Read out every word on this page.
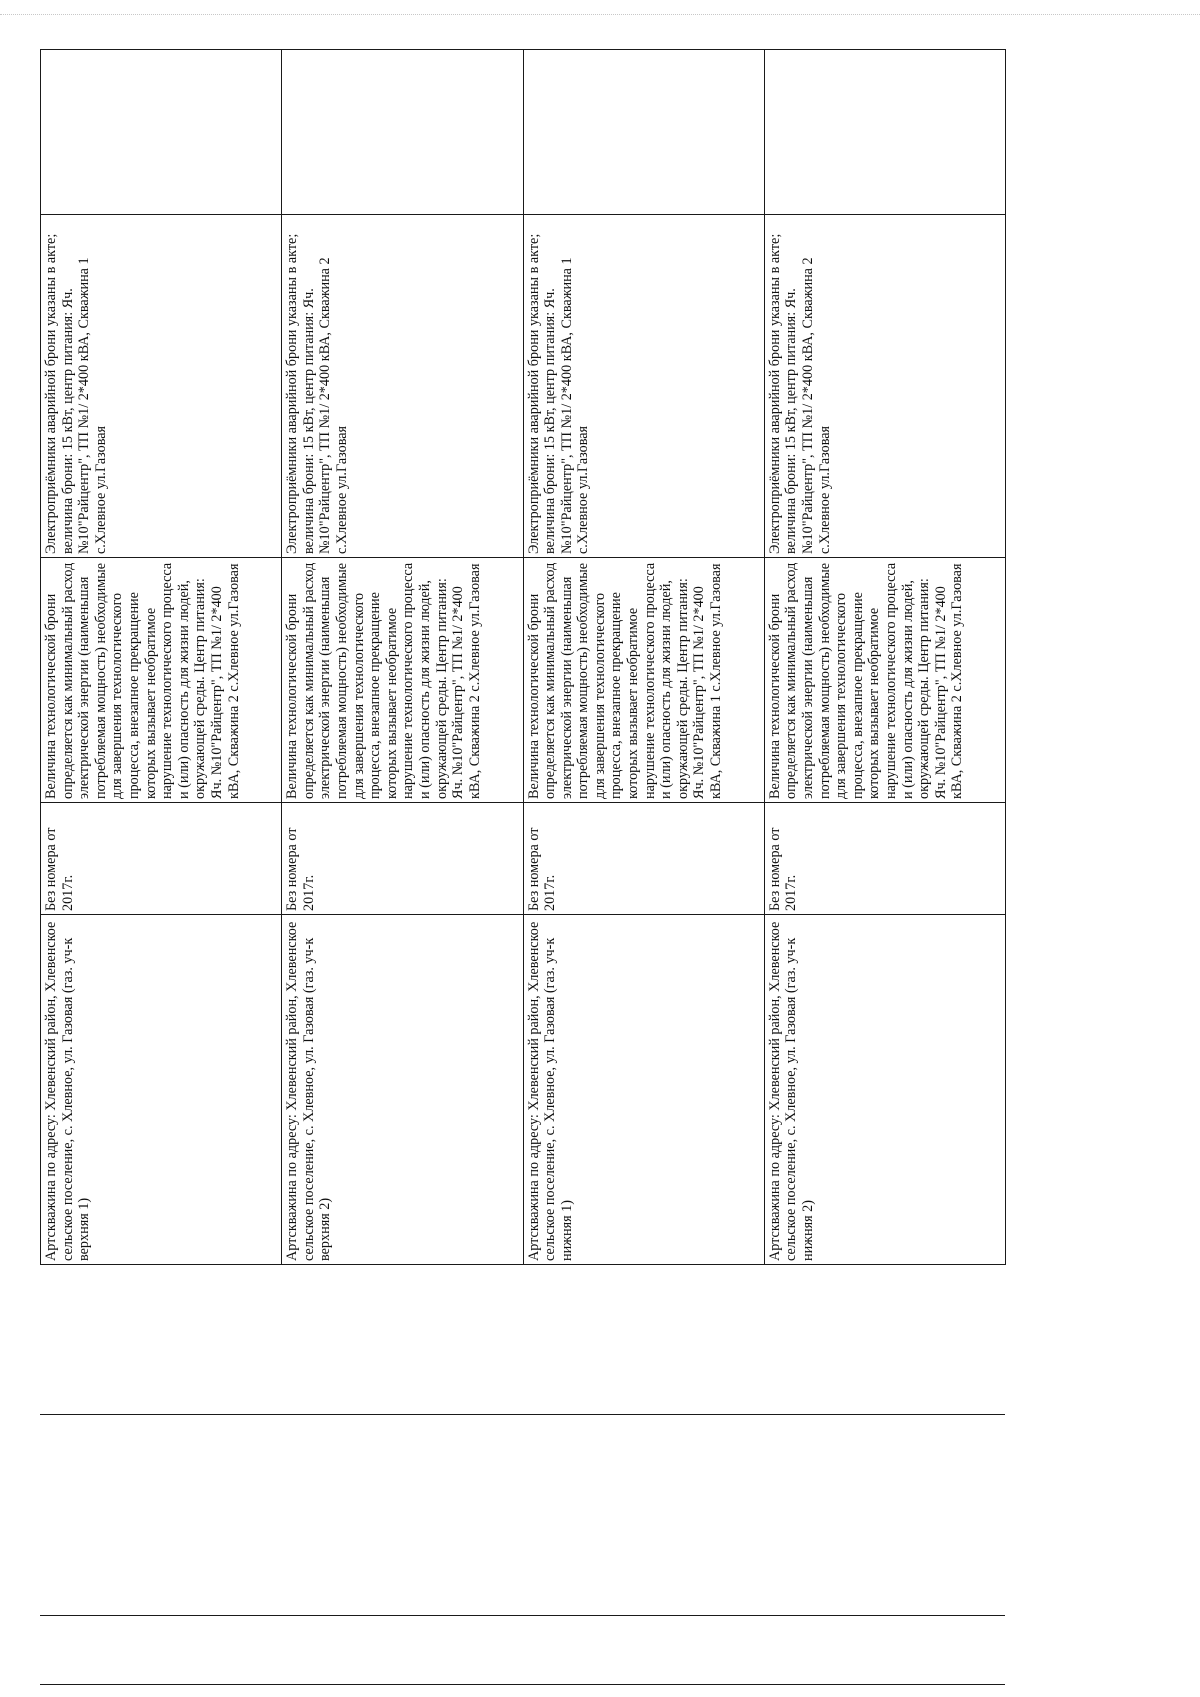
Артскважина по адресу: Хлевенский район, Хлевенское сельское поселение, с. Хлевное, ул. Газовая (газ. уч-к верхняя 1)	Без номера от 2017г.	Величина технологической брони определяется как минимальный расход электрической энергии (наименьшая потребляемая мощность) необходимые для завершения технологического процесса, внезапное прекращение которых вызывает необратимое нарушение технологического процесса и (или) опасность для жизни людей, окружающей среды. Центр питания: Яч. №10"Райцентр", ТП №1/ 2*400 кВА, Скважина 2 с.Хлевное ул.Газовая	Электроприёмники аварийной брони указаны в акте; величина брони: 15 кВт, центр питания: Яч. №10"Райцентр", ТП №1/ 2*400 кВА, Скважина 1 с.Хлевное ул.Газовая	
Артскважина по адресу: Хлевенский район, Хлевенское сельское поселение, с. Хлевное, ул. Газовая (газ. уч-к верхняя 2)	Без номера от 2017г.	Величина технологической брони определяется как минимальный расход электрической энергии (наименьшая потребляемая мощность) необходимые для завершения технологического процесса, внезапное прекращение которых вызывает необратимое нарушение технологического процесса и (или) опасность для жизни людей, окружающей среды. Центр питания: Яч. №10"Райцентр", ТП №1/ 2*400 кВА, Скважина 2 с.Хлевное ул.Газовая	Электроприёмники аварийной брони указаны в акте; величина брони: 15 кВт, центр питания: Яч. №10"Райцентр", ТП №1/ 2*400 кВА, Скважина 2 с.Хлевное ул.Газовая	
Артскважина по адресу: Хлевенский район, Хлевенское сельское поселение, с. Хлевное, ул. Газовая (газ. уч-к нижняя 1)	Без номера от 2017г.	Величина технологической брони определяется как минимальный расход электрической энергии (наименьшая потребляемая мощность) необходимые для завершения технологического процесса, внезапное прекращение которых вызывает необратимое нарушение технологического процесса и (или) опасность для жизни людей, окружающей среды. Центр питания: Яч. №10"Райцентр", ТП №1/ 2*400 кВА, Скважина 1 с.Хлевное ул.Газовая	Электроприёмники аварийной брони указаны в акте; величина брони: 15 кВт, центр питания: Яч. №10"Райцентр", ТП №1/ 2*400 кВА, Скважина 1 с.Хлевное ул.Газовая	
Артскважина по адресу: Хлевенский район, Хлевенское сельское поселение, с. Хлевное, ул. Газовая (газ. уч-к нижняя 2)	Без номера от 2017г.	Величина технологической брони определяется как минимальный расход электрической энергии (наименьшая потребляемая мощность) необходимые для завершения технологического процесса, внезапное прекращение которых вызывает необратимое нарушение технологического процесса и (или) опасность для жизни людей, окружающей среды. Центр питания: Яч. №10"Райцентр", ТП №1/ 2*400 кВА, Скважина 2 с.Хлевное ул.Газовая	Электроприёмники аварийной брони указаны в акте; величина брони: 15 кВт, центр питания: Яч. №10"Райцентр", ТП №1/ 2*400 кВА, Скважина 2 с.Хлевное ул.Газовая	
